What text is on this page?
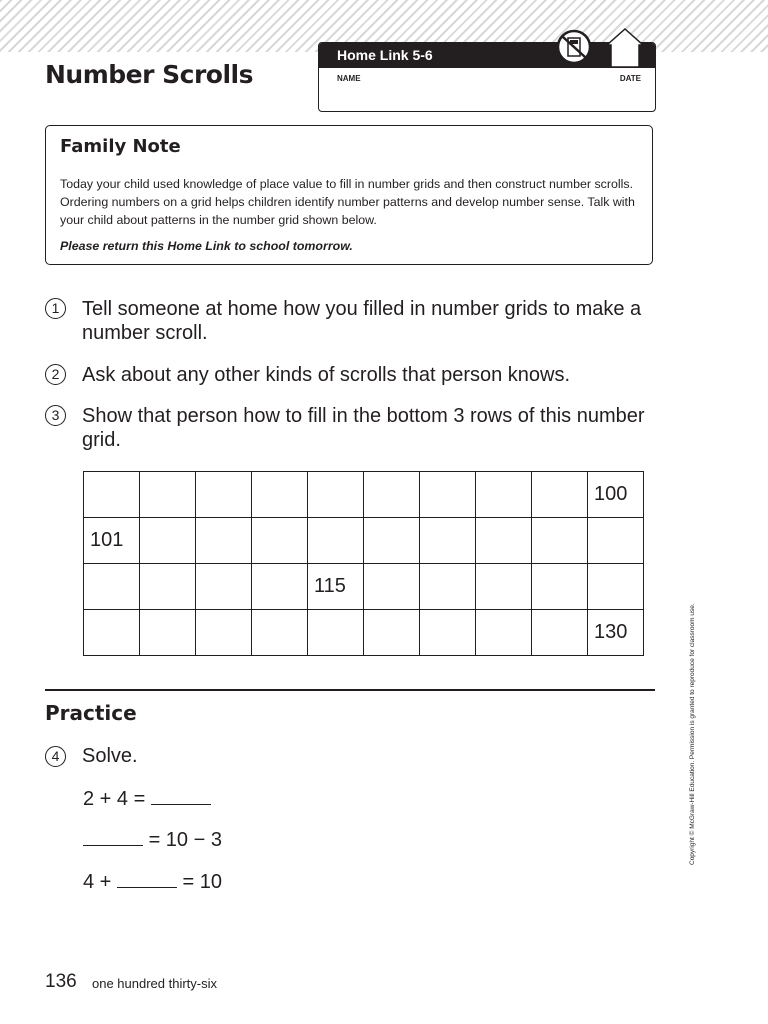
Number Scrolls
Home Link 5-6
NAME	DATE
Family Note

Today your child used knowledge of place value to fill in number grids and then construct number scrolls. Ordering numbers on a grid helps children identify number patterns and develop number sense. Talk with your child about patterns in the number grid shown below.

Please return this Home Link to school tomorrow.

1	Tell someone at home how you filled in number grids to make a number scroll.

2	Ask about any other kinds of scrolls that person knows.

3	Show that person how to fill in the bottom 3 rows of this number grid.

									100
101									
				115					
									130
Practice
4	Solve.

2 + 4 =

= 10 − 3

4 +	= 10

136 one hundred thirty-six
Copyright © McGraw-Hill Education. Permission is granted to reproduce for classroom use.
